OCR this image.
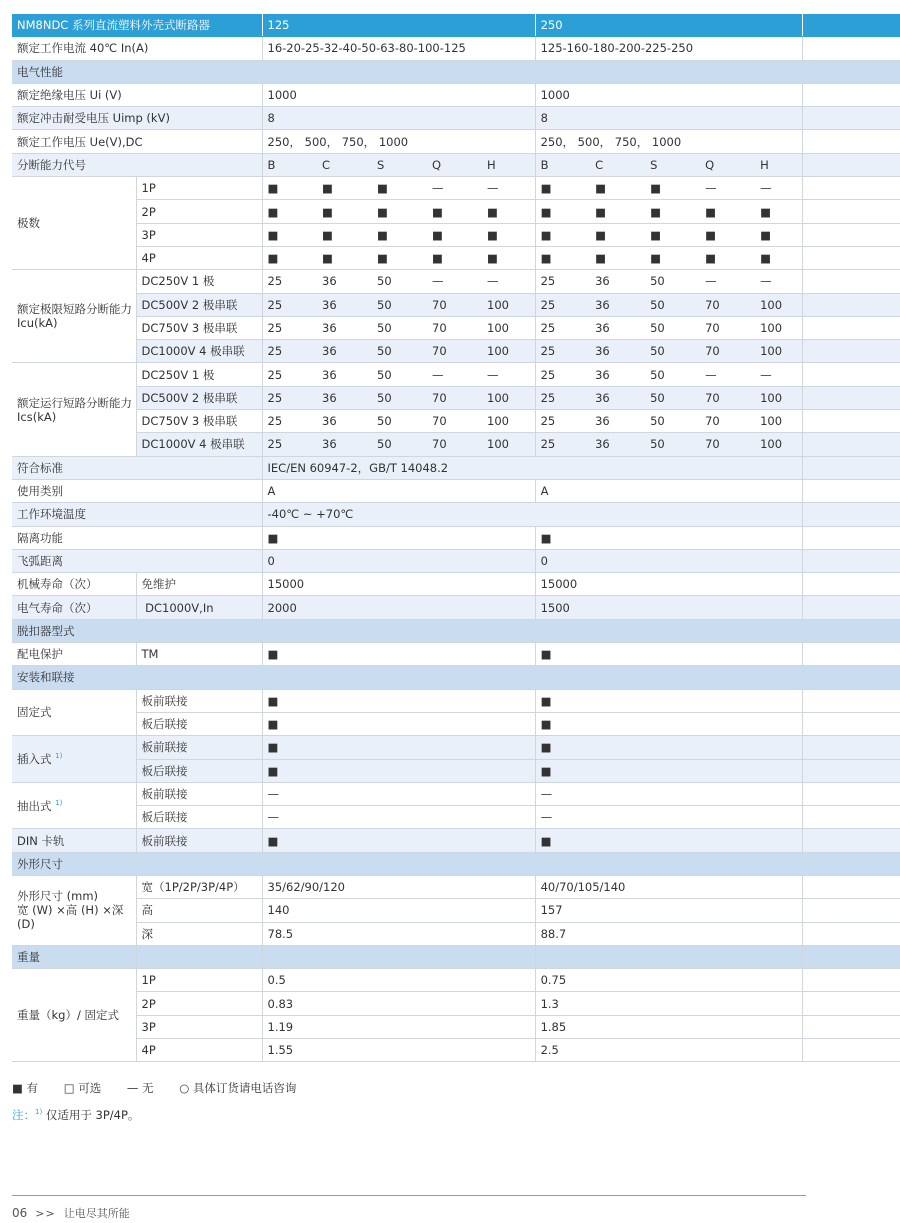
NM8NDC 系列直流塑料外壳式断路器		125					250					
额定工作电流 40℃ In(A)		16-20-25-32-40-50-63-80-100-125					125-160-180-200-225-250					
电气性能												
额定绝缘电压 Ui (V)		1000					1000					
额定冲击耐受电压 Uimp (kV)		8					8					
额定工作电压 Ue(V),DC		250， 500， 750， 1000					250， 500， 750， 1000					
分断能力代号		B	C	S	Q	H	B	C	S	Q	H	
极数	1P	■	■	■	—	—	■	■	■	—	—	
	2P	■	■	■	■	■	■	■	■	■	■	
	3P	■	■	■	■	■	■	■	■	■	■	
	4P	■	■	■	■	■	■	■	■	■	■	
额定极限短路分断能力 Icu(kA)	DC250V 1 极	25	36	50	—	—	25	36	50	—	—	
	DC500V 2 极串联	25	36	50	70	100	25	36	50	70	100	
	DC750V 3 极串联	25	36	50	70	100	25	36	50	70	100	
	DC1000V 4 极串联	25	36	50	70	100	25	36	50	70	100	
额定运行短路分断能力 Ics(kA)	DC250V 1 极	25	36	50	—	—	25	36	50	—	—	
	DC500V 2 极串联	25	36	50	70	100	25	36	50	70	100	
	DC750V 3 极串联	25	36	50	70	100	25	36	50	70	100	
	DC1000V 4 极串联	25	36	50	70	100	25	36	50	70	100	
符合标准		IEC/EN 60947-2，GB/T 14048.2										
使用类别		A					A					
工作环境温度		-40℃ ~ +70℃										
隔离功能		■					■					
飞弧距离		0					0					
机械寿命（次）	免维护	15000					15000					
电气寿命（次）	DC1000V,In	2000					1500					
脱扣器型式												
配电保护	TM	■					■					
安装和联接												
固定式	板前联接	■					■					
	板后联接	■					■					
插入式 $^{1)}$	板前联接	■					■					
	板后联接	■					■					
抽出式 $^{1)}$	板前联接	—					—					
	板后联接	—					—					
DIN 卡轨	板前联接	■					■					
外形尺寸												
外形尺寸 (mm)
宽 (W) ×高 (H) ×深 (D)	宽（1P/2P/3P/4P）	35/62/90/120					40/70/105/140					
	高	140					157					
	深	78.5					88.7					
重量												
重量（kg）/ 固定式	1P	0.5					0.75					
	2P	0.83					1.3					
	3P	1.19					1.85					
	4P	1.55					2.5					
■ 有 □ 可选 — 无 ○ 具体订货请电话咨询
注：$^{1)}$ 仅适用于 3P/4P。
06 >> 让电尽其所能
